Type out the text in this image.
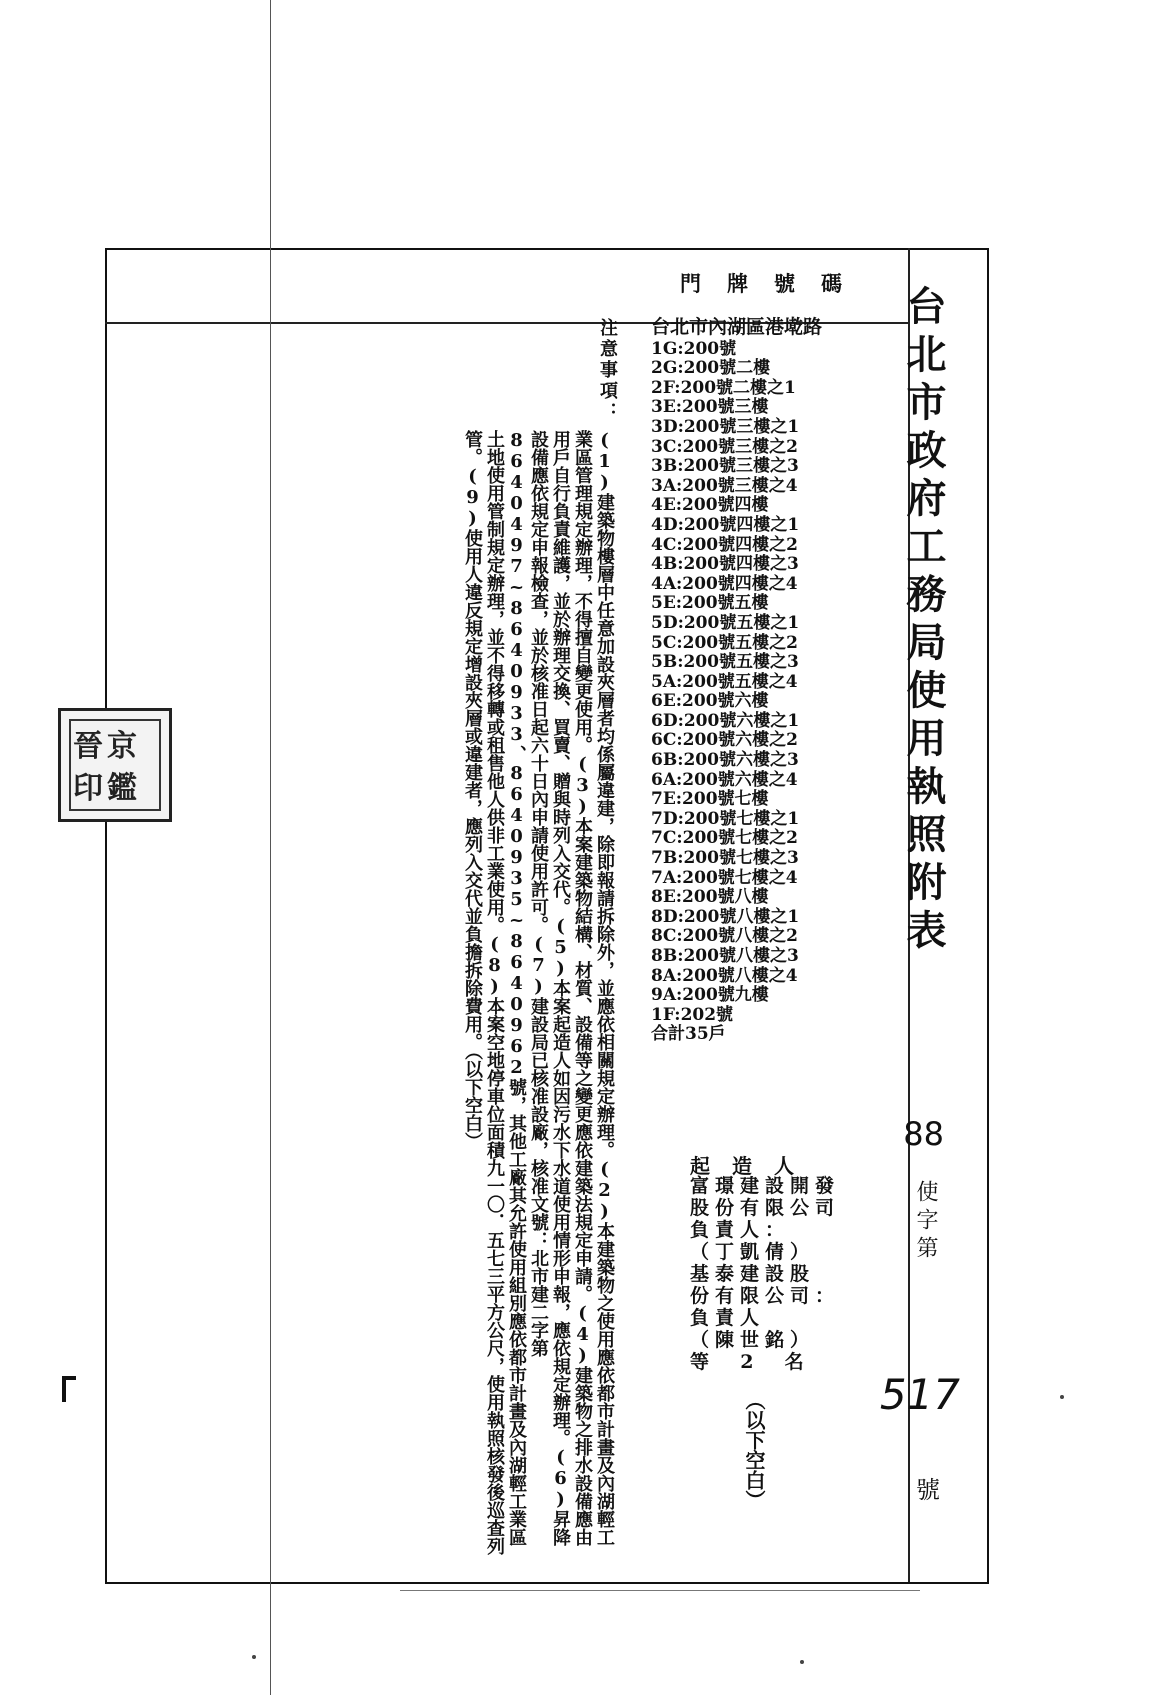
台北市政府工務局使用執照附表
88
使字第
517
號
門牌號碼
台北市內湖區港墘路
1G:200號
2G:200號二樓
2F:200號二樓之1
3E:200號三樓
3D:200號三樓之1
3C:200號三樓之2
3B:200號三樓之3
3A:200號三樓之4
4E:200號四樓
4D:200號四樓之1
4C:200號四樓之2
4B:200號四樓之3
4A:200號四樓之4
5E:200號五樓
5D:200號五樓之1
5C:200號五樓之2
5B:200號五樓之3
5A:200號五樓之4
6E:200號六樓
6D:200號六樓之1
6C:200號六樓之2
6B:200號六樓之3
6A:200號六樓之4
7E:200號七樓
7D:200號七樓之1
7C:200號七樓之2
7B:200號七樓之3
7A:200號七樓之4
8E:200號八樓
8D:200號八樓之1
8C:200號八樓之2
8B:200號八樓之3
8A:200號八樓之4
9A:200號九樓
1F:202號
合計35戶
注意事項：
(1)建築物樓層中任意加設夾層者均係屬違建，除即報請拆除外，並應依相關規定辦理。(2)本建築物之使用應依都市計畫及內湖輕工業區管理規定辦理，不得擅自變更使用。(3)本案建築物結構、材質、設備等之變更應依建築法規定申請。(4)建築物之排水設備應由用戶自行負責維護，並於辦理交換、買賣、贈與時列入交代。(5)本案起造人如因污水下水道使用情形申報，應依規定辦理。(6)昇降設備應依規定申報檢查，並於核准日起六十日內申請使用許可。(7)建設局已核准設廠，核准文號：北市建二字第8640497~8640933、8640935~8640962號，其他工廠其允許使用組別應依都市計畫及內湖輕工業區土地使用管制規定辦理，並不得移轉或租售他人供非工業使用。(8)本案空地停車位面積九一〇．五七三平方公尺，使用執照核發後巡查列管。(9)使用人違反規定增設夾層或違建者，應列入交代並負擔拆除費用。（以下空白）
起造人
富璟建設開發
股份有限公司
負責人：
（丁凱倩）
基泰建設股
份有限公司：
負責人
（陳世銘）
等  2  名
（以下空白）
晉京
印鑑
